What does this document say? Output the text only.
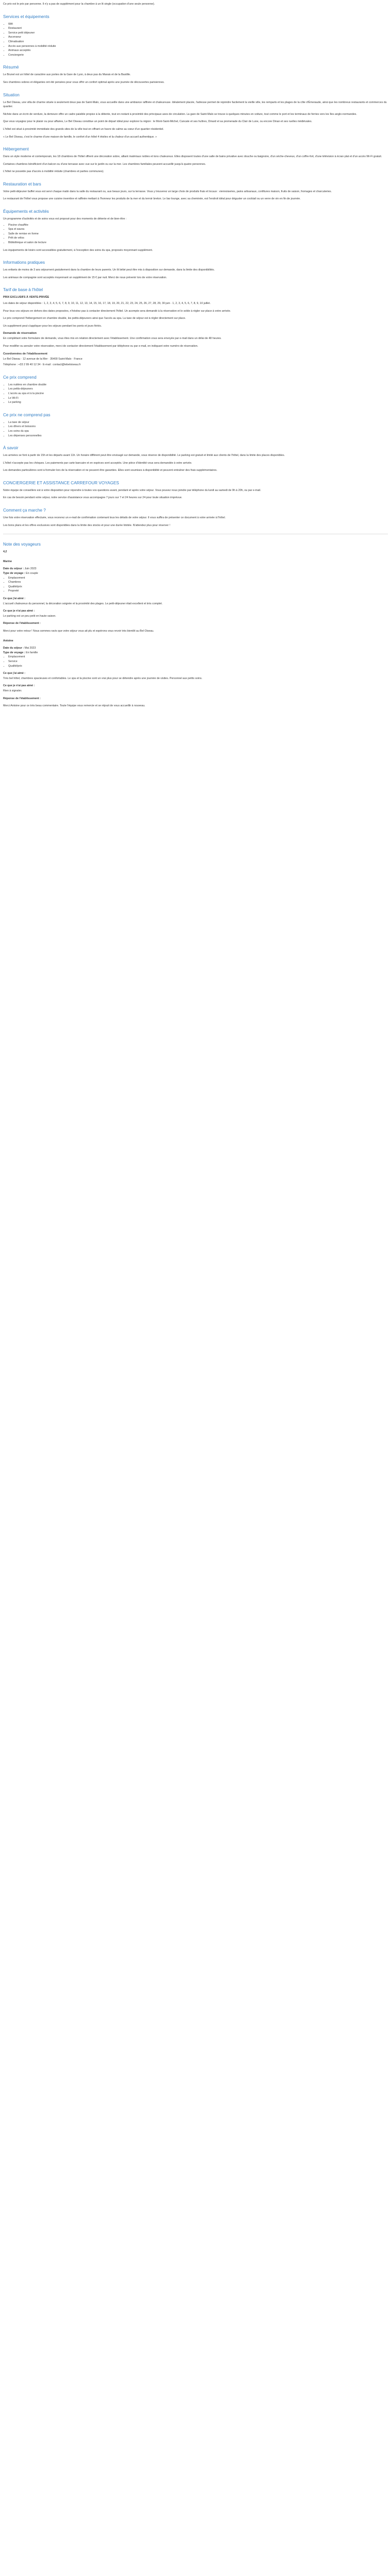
Ce prix est le prix par personne. Il n'y a pas de supplément pour la chambre à un lit single (occupation d'une seule personne).

Services et équipements
• Wifi
• Restaurant
• Service petit déjeuner
• Ascenseur
• Climatisation
• Accès aux personnes à mobilité réduite
• Animaux acceptés
• Conciergerie
Résumé

Le Brunel est un hôtel de caractère aux portes de la Gare de Lyon, à deux pas du Marais et de la Bastille.

Ses chambres sobres et élégantes ont été pensées pour vous offrir un confort optimal après une journée de découvertes parisiennes.

Situation

Le Bel Oiseau, une villa de charme située à seulement deux pas de Saint-Malo, vous accueille dans une ambiance raffinée et chaleureuse. Idéalement placée, l'adresse permet de rejoindre facilement la vieille ville, les remparts et les plages de la côte d'Émeraude, ainsi que les nombreux restaurants et commerces du quartier.

Nichée dans un écrin de verdure, la demeure offre un cadre paisible propice à la détente, tout en restant à proximité des principaux axes de circulation. La gare de Saint-Malo se trouve à quelques minutes en voiture, tout comme le port et les terminaux de ferries vers les îles anglo-normandes.

Que vous voyagiez pour le plaisir ou pour affaires, Le Bel Oiseau constitue un point de départ idéal pour explorer la région : le Mont-Saint-Michel, Cancale et ses huîtres, Dinard et sa promenade du Clair de Lune, ou encore Dinan et ses ruelles médiévales.

L'hôtel est situé à proximité immédiate des grands sites de la ville tout en offrant un havre de calme au cœur d'un quartier résidentiel.

« Le Bel Oiseau, c'est le charme d'une maison de famille, le confort d'un hôtel 4 étoiles et la chaleur d'un accueil authentique. »

Hébergement

Dans un style moderne et contemporain, les 18 chambres de l'hôtel offrent une décoration sobre, alliant matériaux nobles et tons chaleureux. Elles disposent toutes d'une salle de bains privative avec douche ou baignoire, d'un sèche-cheveux, d'un coffre-fort, d'une télévision à écran plat et d'un accès Wi-Fi gratuit.

Certaines chambres bénéficient d'un balcon ou d'une terrasse avec vue sur le jardin ou sur la mer. Les chambres familiales peuvent accueillir jusqu'à quatre personnes.

L'hôtel ne possède pas d'accès à mobilité réduite (chambres et parties communes).

Restauration et bars

Votre petit-déjeuner buffet vous est servi chaque matin dans la salle du restaurant ou, aux beaux jours, sur la terrasse. Vous y trouverez un large choix de produits frais et locaux : viennoiseries, pains artisanaux, confitures maison, fruits de saison, fromages et charcuteries.

Le restaurant de l'hôtel vous propose une cuisine inventive et raffinée mettant à l'honneur les produits de la mer et du terroir breton. Le bar lounge, avec sa cheminée, est l'endroit idéal pour déguster un cocktail ou un verre de vin en fin de journée.

Équipements et activités

Un programme d'activités et de soins vous est proposé pour des moments de détente et de bien-être :

• Piscine chauffée
• Spa et sauna
• Salle de remise en forme
• Prêt de vélos
• Bibliothèque et salon de lecture

Les équipements de loisirs sont accessibles gratuitement, à l'exception des soins du spa, proposés moyennant supplément.

Informations pratiques

Les enfants de moins de 3 ans séjournent gratuitement dans la chambre de leurs parents. Un lit bébé peut être mis à disposition sur demande, dans la limite des disponibilités.

Les animaux de compagnie sont acceptés moyennant un supplément de 15 € par nuit. Merci de nous prévenir lors de votre réservation.

Tarif de base à l'hôtel

PRIX EXCLUSIFS À VENTE-PRIVÉE

Les dates de séjour disponibles : 1, 2, 3, 4, 5, 6, 7, 8, 9, 10, 11, 12, 13, 14, 15, 16, 17, 18, 19, 20, 21, 22, 23, 24, 25, 26, 27, 28, 29, 30 juin · 1, 2, 3, 4, 5, 6, 7, 8, 9, 10 juillet.

Pour tous vos séjours en dehors des dates proposées, n'hésitez pas à contacter directement l'hôtel. Un acompte sera demandé à la réservation et le solde à régler sur place à votre arrivée.

Le prix comprend l'hébergement en chambre double, les petits-déjeuners ainsi que l'accès au spa. La taxe de séjour est à régler directement sur place.

Un supplément peut s'appliquer pour les séjours pendant les ponts et jours fériés.

Demande de réservation

En complétant votre formulaire de demande, vous êtes mis en relation directement avec l'établissement. Une confirmation vous sera envoyée par e-mail dans un délai de 48 heures.

Pour modifier ou annuler votre réservation, merci de contacter directement l'établissement par téléphone ou par e-mail, en indiquant votre numéro de réservation.

Coordonnées de l'établissement

Le Bel Oiseau · 12 avenue de la Mer · 35400 Saint-Malo · France

Téléphone : +33 2 99 40 12 34 · E-mail : contact@lebeloiseau.fr

Ce prix comprend
• Les nuitées en chambre double
• Les petits-déjeuners
• L'accès au spa et à la piscine
• Le Wi-Fi
• Le parking
Ce prix ne comprend pas
• La taxe de séjour
• Les dîners et boissons
• Les soins du spa
• Les dépenses personnelles
À savoir

Les arrivées se font à partir de 15h et les départs avant 11h. Un horaire différent peut être envisagé sur demande, sous réserve de disponibilité. Le parking est gratuit et limité aux clients de l'hôtel, dans la limite des places disponibles.

L'hôtel n'accepte pas les chèques. Les paiements par carte bancaire et en espèces sont acceptés. Une pièce d'identité vous sera demandée à votre arrivée.

Les demandes particulières sont à formuler lors de la réservation et ne peuvent être garanties. Elles sont soumises à disponibilité et peuvent entraîner des frais supplémentaires.

CONCIERGERIE ET ASSISTANCE CARREFOUR VOYAGES

Notre équipe de conseillers est à votre disposition pour répondre à toutes vos questions avant, pendant et après votre séjour. Vous pouvez nous joindre par téléphone du lundi au samedi de 9h à 20h, ou par e-mail.

En cas de besoin pendant votre séjour, notre service d'assistance vous accompagne 7 jours sur 7 et 24 heures sur 24 pour toute situation imprévue.

Comment ça marche ?

Une fois votre réservation effectuée, vous recevrez un e-mail de confirmation contenant tous les détails de votre séjour. Il vous suffira de présenter ce document à votre arrivée à l'hôtel.

Les bons plans et les offres exclusives sont disponibles dans la limite des stocks et pour une durée limitée. N'attendez plus pour réserver !

Note des voyageurs

4,2

Marine

Date du séjour : Juin 2023

Type de voyage : En couple

• Emplacement
• Chambres
• Qualité/prix
• Propreté

Ce que j'ai aimé :

L'accueil chaleureux du personnel, la décoration soignée et la proximité des plages. Le petit-déjeuner était excellent et très complet.

Ce que je n'ai pas aimé :

Le parking est un peu petit en haute saison.

Réponse de l'établissement :

Merci pour votre retour ! Nous sommes ravis que votre séjour vous ait plu et espérons vous revoir très bientôt au Bel Oiseau.

Antoine

Date du séjour : Mai 2023

Type de voyage : En famille

• Emplacement
• Service
• Qualité/prix

Ce que j'ai aimé :

Très bel hôtel, chambres spacieuses et confortables. Le spa et la piscine sont un vrai plus pour se détendre après une journée de visites. Personnel aux petits soins.

Ce que je n'ai pas aimé :

Rien à signaler.

Réponse de l'établissement :

Merci Antoine pour ce très beau commentaire. Toute l'équipe vous remercie et se réjouit de vous accueillir à nouveau.
